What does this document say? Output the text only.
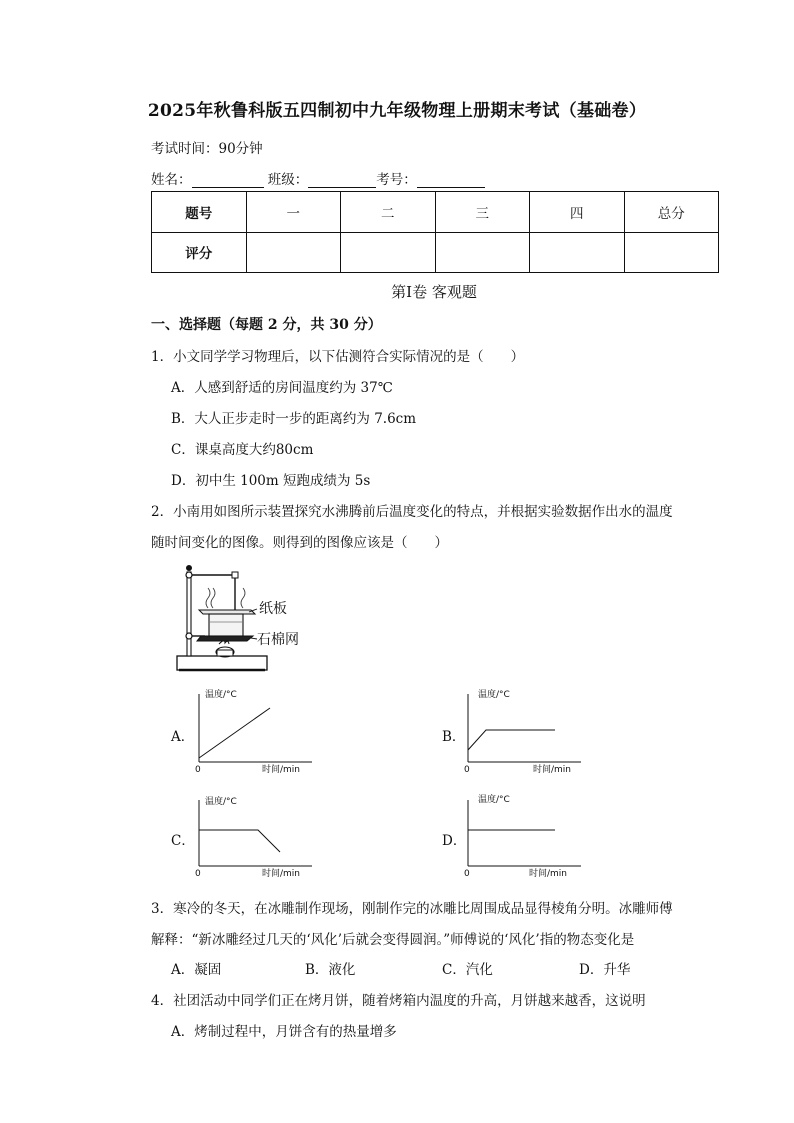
2025年秋鲁科版五四制初中九年级物理上册期末考试（基础卷）
考试时间：90分钟
姓名：	班级：	考号：
题号	一	二	三	四	总分
评分					
第Ⅰ卷 客观题
一、选择题（每题 2 分，共 30 分）
1．小文同学学习物理后，以下估测符合实际情况的是（　　）
A．人感到舒适的房间温度约为 37℃
B．大人正步走时一步的距离约为 7.6cm
C．课桌高度大约80cm
D．初中生 100m 短跑成绩为 5s
2．小南用如图所示装置探究水沸腾前后温度变化的特点，并根据实验数据作出水的温度
随时间变化的图像。则得到的图像应该是（　　）
纸板
石棉网
A．
温度/°C
0	时间/min
B．
温度/°C
0	时间/min
C．
温度/°C
0	时间/min
D．
温度/°C
0	时间/min
3．寒冷的冬天，在冰雕制作现场，刚制作完的冰雕比周围成品显得棱角分明。冰雕师傅
解释：“新冰雕经过几天的‘风化’后就会变得圆润。”师傅说的‘风化’指的物态变化是
A．凝固	B．液化	C．汽化	D．升华
4．社团活动中同学们正在烤月饼，随着烤箱内温度的升高，月饼越来越香，这说明
A．烤制过程中，月饼含有的热量增多
